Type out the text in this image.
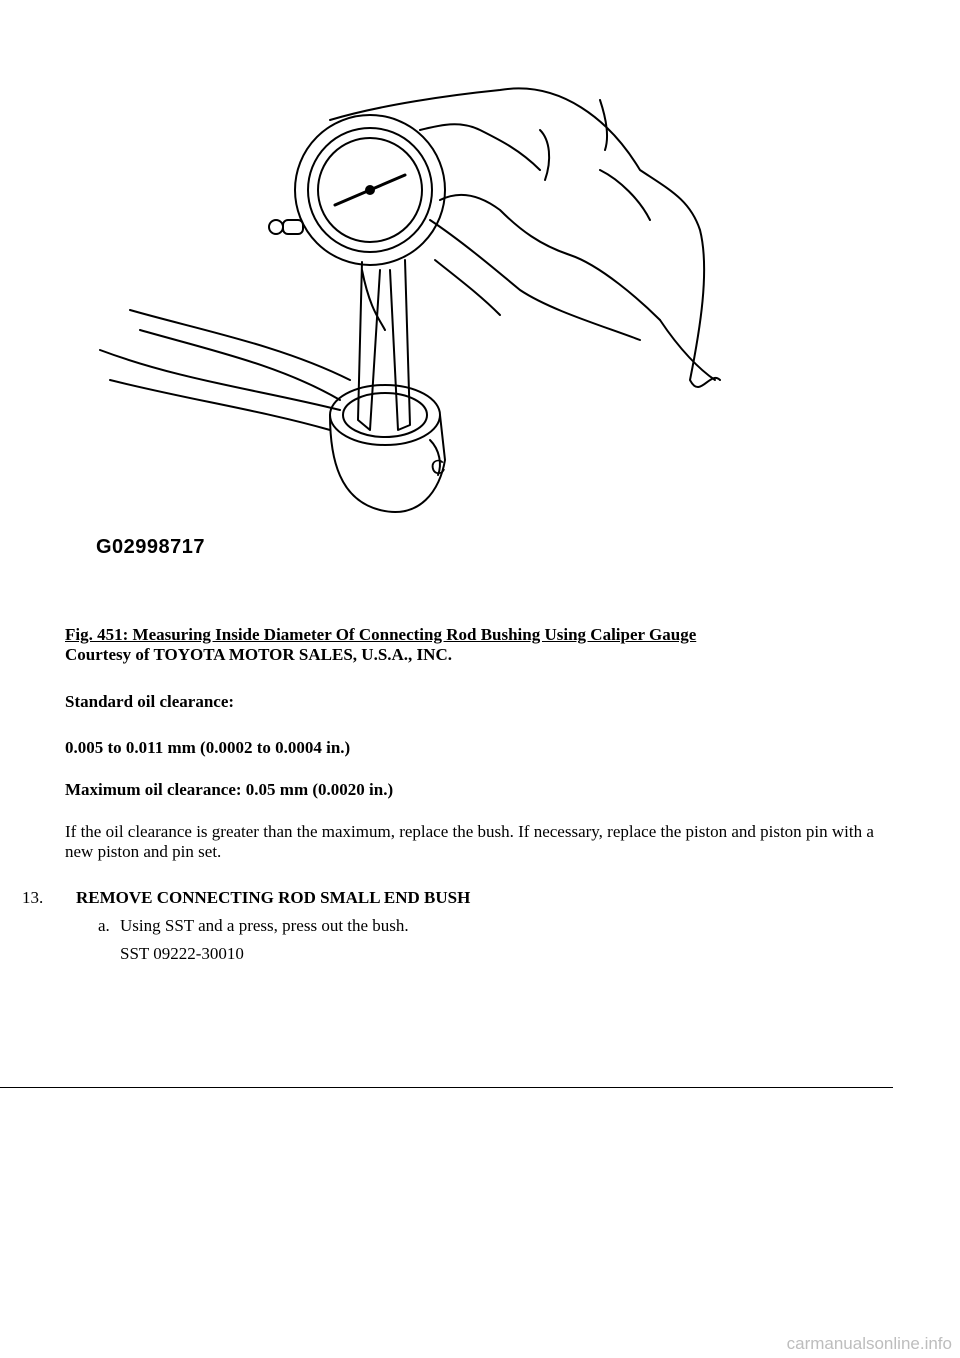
C
G02998717
Fig. 451: Measuring Inside Diameter Of Connecting Rod Bushing Using Caliper Gauge
Courtesy of TOYOTA MOTOR SALES, U.S.A., INC.
Standard oil clearance:
0.005 to 0.011 mm (0.0002 to 0.0004 in.)
Maximum oil clearance: 0.05 mm (0.0020 in.)
If the oil clearance is greater than the maximum, replace the bush. If necessary, replace the piston and piston pin with a new piston and pin set.
13. REMOVE CONNECTING ROD SMALL END BUSH
a. Using SST and a press, press out the bush.
SST 09222-30010
carmanualsonline.info
